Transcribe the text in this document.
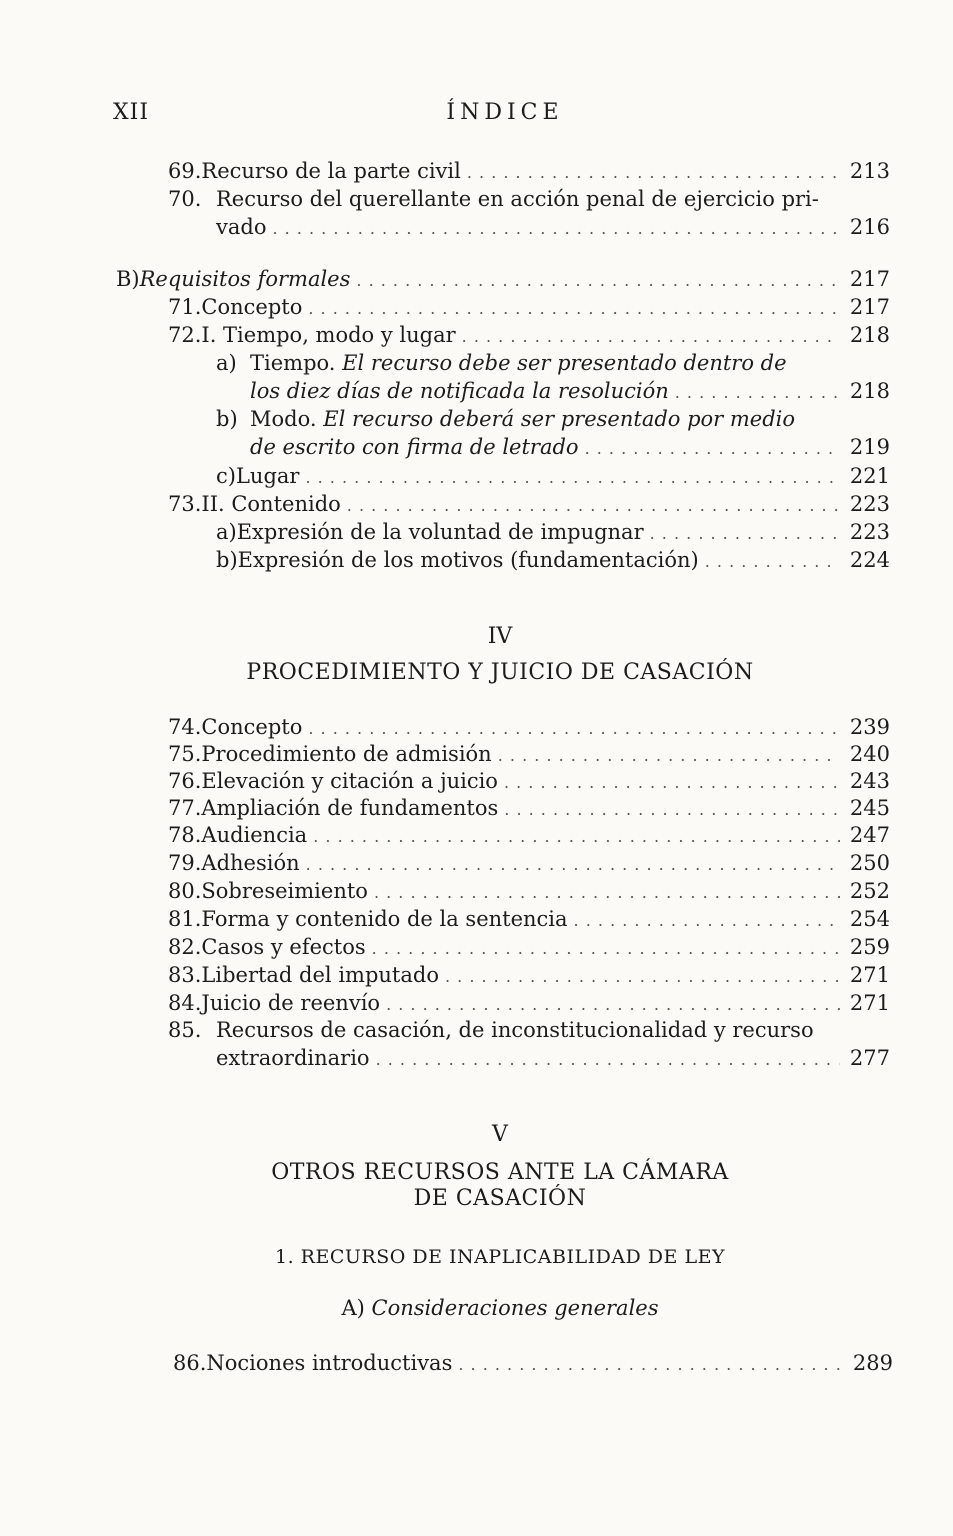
XII	ÍNDICE
69. Recurso de la parte civil . . .	213
70. Recurso del querellante en acción penal de ejercicio pri-
vado . . .	216
B) Requisitos formales . . .	217
71. Concepto . . .	217
72. I. Tiempo, modo y lugar . . .	218
a) Tiempo. El recurso debe ser presentado dentro de
los diez días de notificada la resolución . . .	218
b) Modo. El recurso deberá ser presentado por medio
de escrito con firma de letrado . . .	219
c) Lugar . . .	221
73. II. Contenido . . .	223
a) Expresión de la voluntad de impugnar . . .	223
b) Expresión de los motivos (fundamentación) . . .	224
IV
PROCEDIMIENTO Y JUICIO DE CASACIÓN
74. Concepto . . .	239
75. Procedimiento de admisión . . .	240
76. Elevación y citación a juicio . . .	243
77. Ampliación de fundamentos . . .	245
78. Audiencia . . .	247
79. Adhesión . . .	250
80. Sobreseimiento . . .	252
81. Forma y contenido de la sentencia . . .	254
82. Casos y efectos . . .	259
83. Libertad del imputado . . .	271
84. Juicio de reenvío . . .	271
85. Recursos de casación, de inconstitucionalidad y recurso
extraordinario . . .	277
V
OTROS RECURSOS ANTE LA CÁMARA
DE CASACIÓN
1. RECURSO DE INAPLICABILIDAD DE LEY
A) Consideraciones generales
86. Nociones introductivas . . .	289
